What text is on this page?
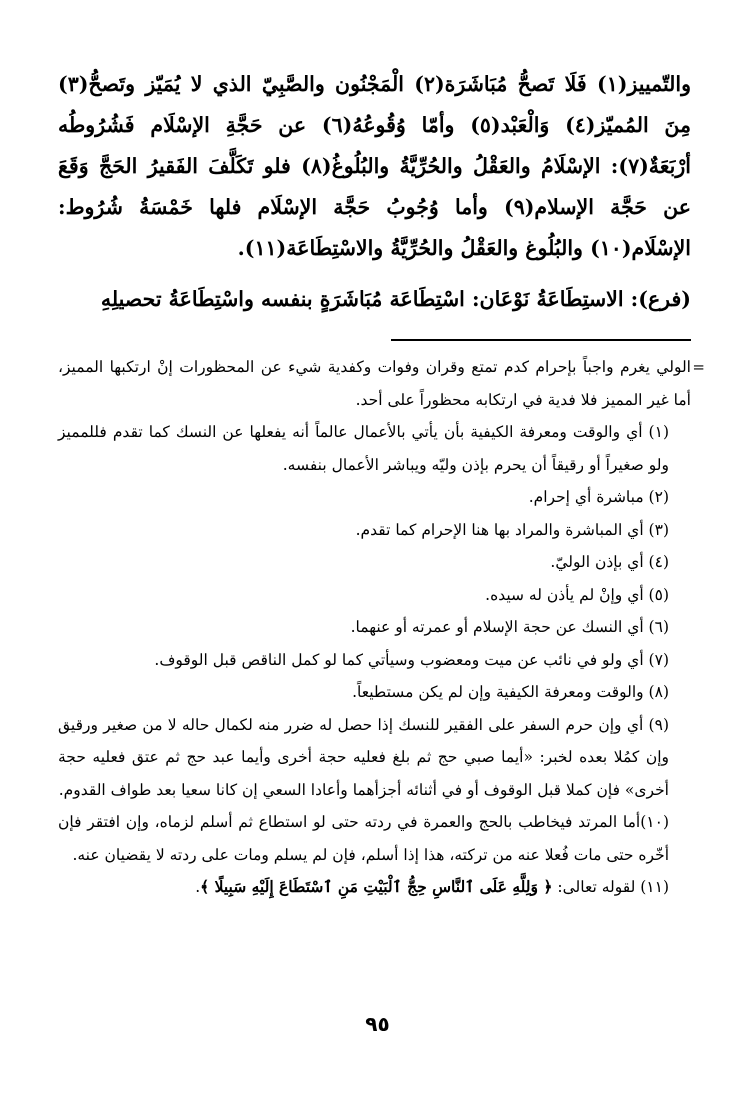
والتّمييز(١) فَلَا تَصحُّ مُبَاشَرَة(٢) الْمَجْنُون والصَّبِيّ الذي لا يُمَيّز وتَصحُّ(٣) مِنَ المُميّز(٤) وَالْعَبْد(٥) وأمّا وُقُوعُهُ(٦) عن حَجَّةِ الإسْلَام فَشُرُوطُه أرْبَعَةٌ(٧): الإسْلَامُ والعَقْلُ والحُرِّيَّةُ والبُلُوغُ(٨) فلو تَكَلَّفَ الفَقيرُ الحَجَّ وَقَعَ عن حَجَّة الإسلام(٩) وأما وُجُوبُ حَجَّة الإسْلَام فلها خَمْسَةُ شُرُوط: الإسْلَام(١٠) والبُلُوغ والعَقْلُ والحُرِّيَّةُ والاسْتِطَاعَة(١١).

(فرع): الاستِطَاعَةُ نَوْعَان: اسْتِطَاعَة مُبَاشَرَةٍ بنفسه واسْتِطَاعَةُ تحصيلِهِ

=

الولي يغرم واجباً بإحرام كدم تمتع وقران وفوات وكفدية شيء عن المحظورات إنْ ارتكبها المميز، أما غير المميز فلا فدية في ارتكابه محظوراً على أحد.

(١) أي والوقت ومعرفة الكيفية بأن يأتي بالأعمال عالماً أنه يفعلها عن النسك كما تقدم فللمميز ولو صغيراً أو رقيقاً أن يحرم بإذن وليّه ويباشر الأعمال بنفسه.

(٢) مباشرة أي إحرام.

(٣) أي المباشرة والمراد بها هنا الإحرام كما تقدم.

(٤) أي بإذن الوليّ.

(٥) أي وإنْ لم يأذن له سيده.

(٦) أي النسك عن حجة الإسلام أو عمرته أو عنهما.

(٧) أي ولو في نائب عن ميت ومعضوب وسيأتي كما لو كمل الناقص قبل الوقوف.

(٨) والوقت ومعرفة الكيفية وإن لم يكن مستطيعاً.

(٩) أي وإن حرم السفر على الفقير للنسك إذا حصل له ضرر منه لكمال حاله لا من صغير ورقيق وإن كمُلا بعده لخبر: «أيما صبي حج ثم بلغ فعليه حجة أخرى وأيما عبد حج ثم عتق فعليه حجة أخرى» فإن كملا قبل الوقوف أو في أثنائه أجزأهما وأعادا السعي إن كانا سعيا بعد طواف القدوم.

(١٠)أما المرتد فيخاطب بالحج والعمرة في ردته حتى لو استطاع ثم أسلم لزماه، وإن افتقر فإن أخّره حتى مات فُعلا عنه من تركته، هذا إذا أسلم، فإن لم يسلم ومات على ردته لا يقضيان عنه.

(١١) لقوله تعالى: ﴿ وَلِلَّهِ عَلَى ٱلنَّاسِ حِجُّ ٱلْبَيْتِ مَنِ ٱسْتَطَاعَ إِلَيْهِ سَبِيلًا ﴾.

٩٥
